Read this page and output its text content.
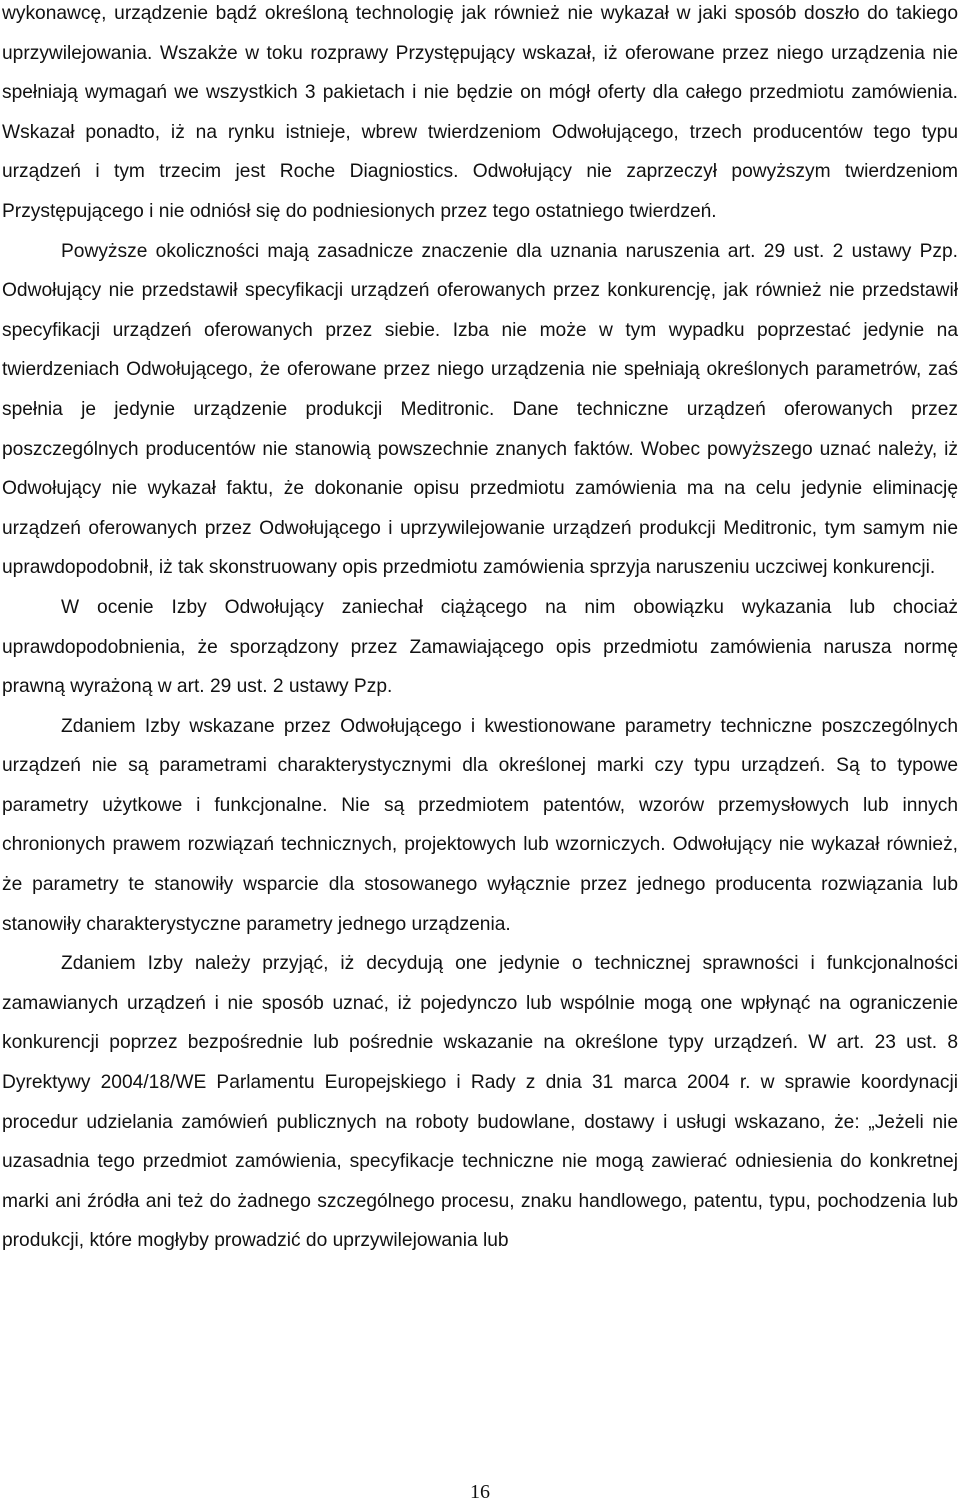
wykonawcę, urządzenie bądź określoną technologię jak również nie wykazał w jaki sposób doszło do takiego uprzywilejowania. Wszakże w toku rozprawy Przystępujący wskazał, iż oferowane przez niego urządzenia nie spełniają wymagań we wszystkich 3 pakietach i nie będzie on mógł oferty dla całego przedmiotu zamówienia. Wskazał ponadto, iż na rynku istnieje, wbrew twierdzeniom Odwołującego, trzech producentów tego typu urządzeń i tym trzecim jest Roche Diagniostics. Odwołujący nie zaprzeczył powyższym twierdzeniom Przystępującego i nie odniósł się do podniesionych przez tego ostatniego twierdzeń.

Powyższe okoliczności mają zasadnicze znaczenie dla uznania naruszenia art. 29 ust. 2 ustawy Pzp. Odwołujący nie przedstawił specyfikacji urządzeń oferowanych przez konkurencję, jak również nie przedstawił specyfikacji urządzeń oferowanych przez siebie. Izba nie może w tym wypadku poprzestać jedynie na twierdzeniach Odwołującego, że oferowane przez niego urządzenia nie spełniają określonych parametrów, zaś spełnia je jedynie urządzenie produkcji Meditronic. Dane techniczne urządzeń oferowanych przez poszczególnych producentów nie stanowią powszechnie znanych faktów. Wobec powyższego uznać należy, iż Odwołujący nie wykazał faktu, że dokonanie opisu przedmiotu zamówienia ma na celu jedynie eliminację urządzeń oferowanych przez Odwołującego i uprzywilejowanie urządzeń produkcji Meditronic, tym samym nie uprawdopodobnił, iż tak skonstruowany opis przedmiotu zamówienia sprzyja naruszeniu uczciwej konkurencji.

W ocenie Izby Odwołujący zaniechał ciążącego na nim obowiązku wykazania lub chociaż uprawdopodobnienia, że sporządzony przez Zamawiającego opis przedmiotu zamówienia narusza normę prawną wyrażoną w art. 29 ust. 2 ustawy Pzp.

Zdaniem Izby wskazane przez Odwołującego i kwestionowane parametry techniczne poszczególnych urządzeń nie są parametrami charakterystycznymi dla określonej marki czy typu urządzeń. Są to typowe parametry użytkowe i funkcjonalne. Nie są przedmiotem patentów, wzorów przemysłowych lub innych chronionych prawem rozwiązań technicznych, projektowych lub wzorniczych. Odwołujący nie wykazał również, że parametry te stanowiły wsparcie dla stosowanego wyłącznie przez jednego producenta rozwiązania lub stanowiły charakterystyczne parametry jednego urządzenia.

Zdaniem Izby należy przyjąć, iż decydują one jedynie o technicznej sprawności i funkcjonalności zamawianych urządzeń i nie sposób uznać, iż pojedynczo lub wspólnie mogą one wpłynąć na ograniczenie konkurencji poprzez bezpośrednie lub pośrednie wskazanie na określone typy urządzeń. W art. 23 ust. 8 Dyrektywy 2004/18/WE Parlamentu Europejskiego i Rady z dnia 31 marca 2004 r. w sprawie koordynacji procedur udzielania zamówień publicznych na roboty budowlane, dostawy i usługi wskazano, że: „Jeżeli nie uzasadnia tego przedmiot zamówienia, specyfikacje techniczne nie mogą zawierać odniesienia do konkretnej marki ani źródła ani też do żadnego szczególnego procesu, znaku handlowego, patentu, typu, pochodzenia lub produkcji, które mogłyby prowadzić do uprzywilejowania lub

16
